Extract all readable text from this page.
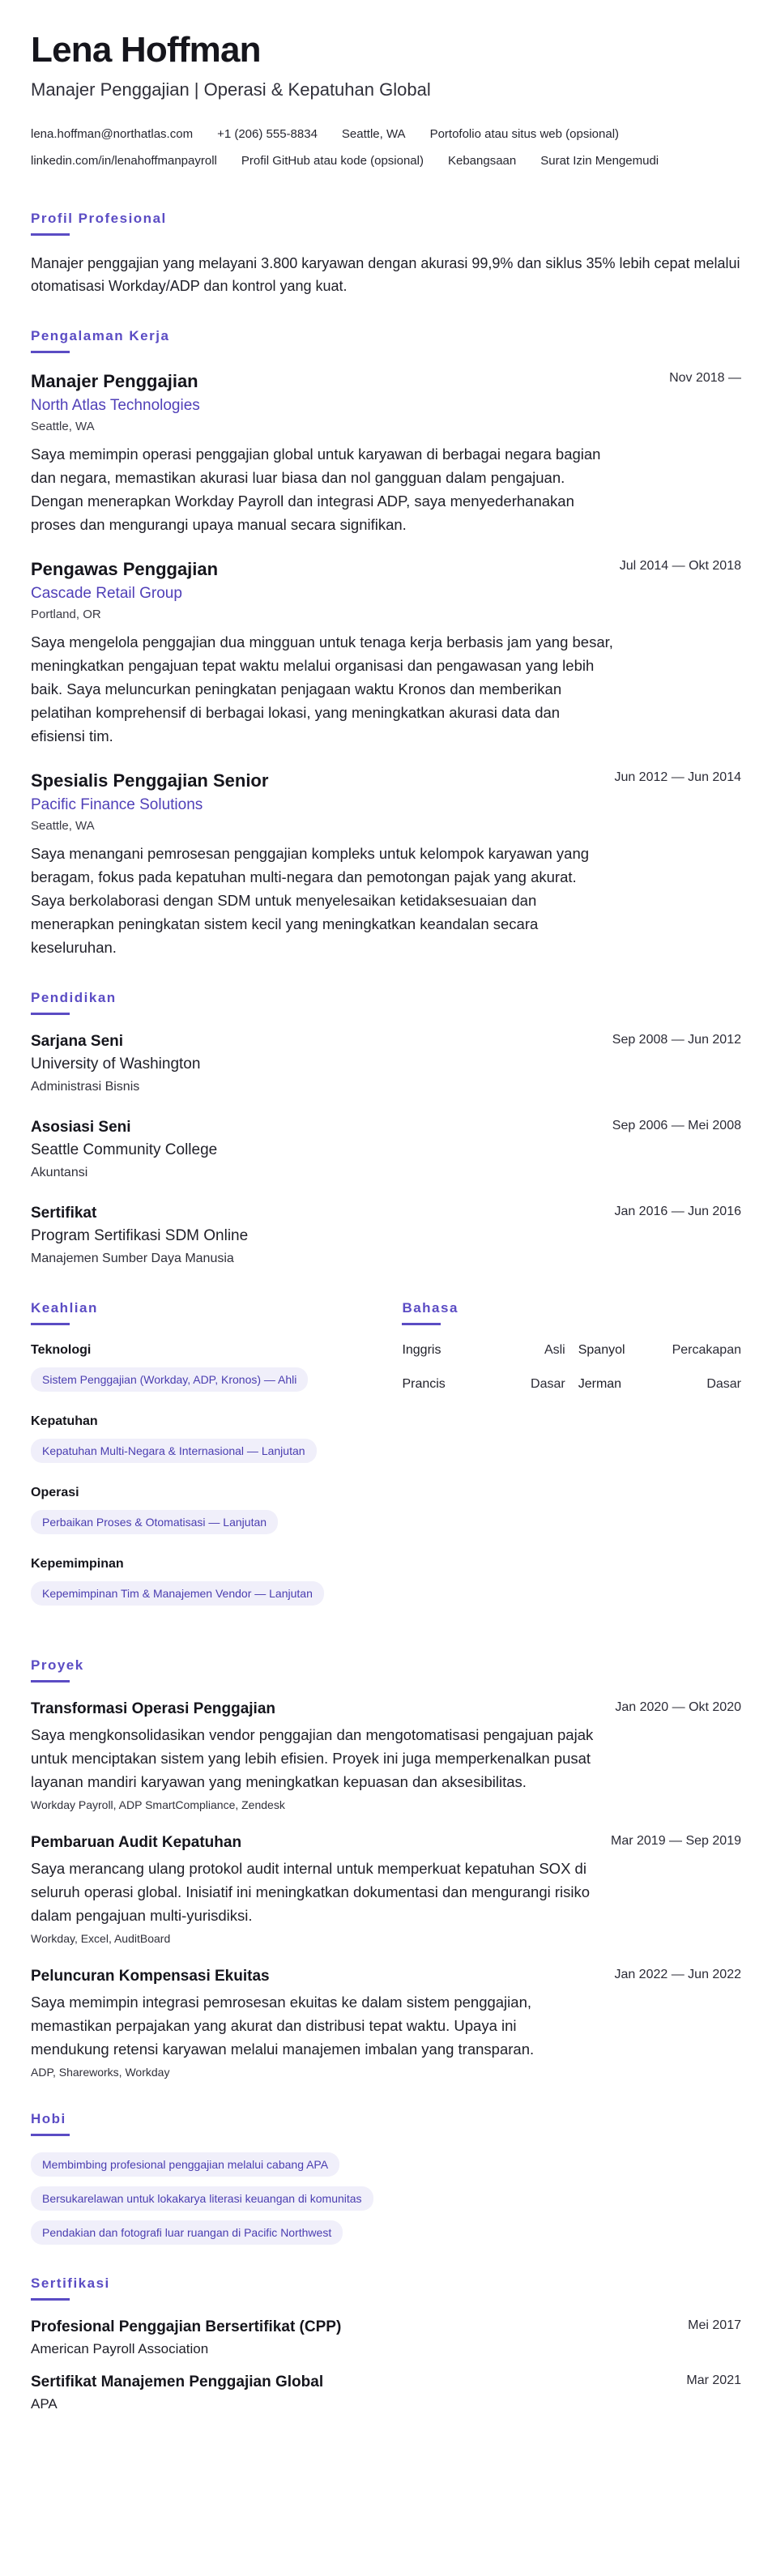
Lena Hoffman
Manajer Penggajian | Operasi & Kepatuhan Global
lena.hoffman@northatlas.com +1 (206) 555-8834 Seattle, WA Portofolio atau situs web (opsional)
linkedin.com/in/lenahoffmanpayroll Profil GitHub atau kode (opsional) Kebangsaan Surat Izin Mengemudi
Profil Profesional

Manajer penggajian yang melayani 3.800 karyawan dengan akurasi 99,9% dan siklus 35% lebih cepat melalui otomatisasi Workday/ADP dan kontrol yang kuat.

Pengalaman Kerja
Nov 2018 —
Manajer Penggajian
North Atlas Technologies
Seattle, WA

Saya memimpin operasi penggajian global untuk karyawan di berbagai negara bagian dan negara, memastikan akurasi luar biasa dan nol gangguan dalam pengajuan. Dengan menerapkan Workday Payroll dan integrasi ADP, saya menyederhanakan proses dan mengurangi upaya manual secara signifikan.

Jul 2014 — Okt 2018
Pengawas Penggajian
Cascade Retail Group
Portland, OR

Saya mengelola penggajian dua mingguan untuk tenaga kerja berbasis jam yang besar, meningkatkan pengajuan tepat waktu melalui organisasi dan pengawasan yang lebih baik. Saya meluncurkan peningkatan penjagaan waktu Kronos dan memberikan pelatihan komprehensif di berbagai lokasi, yang meningkatkan akurasi data dan efisiensi tim.

Jun 2012 — Jun 2014
Spesialis Penggajian Senior
Pacific Finance Solutions
Seattle, WA

Saya menangani pemrosesan penggajian kompleks untuk kelompok karyawan yang beragam, fokus pada kepatuhan multi-negara dan pemotongan pajak yang akurat. Saya berkolaborasi dengan SDM untuk menyelesaikan ketidaksesuaian dan menerapkan peningkatan sistem kecil yang meningkatkan keandalan secara keseluruhan.

Pendidikan
Sep 2008 — Jun 2012
Sarjana Seni
University of Washington
Administrasi Bisnis
Sep 2006 — Mei 2008
Asosiasi Seni
Seattle Community College
Akuntansi
Jan 2016 — Jun 2016
Sertifikat
Program Sertifikasi SDM Online
Manajemen Sumber Daya Manusia
Keahlian
Teknologi
Sistem Penggajian (Workday, ADP, Kronos) — Ahli
Kepatuhan
Kepatuhan Multi-Negara & Internasional — Lanjutan
Operasi
Perbaikan Proses & Otomatisasi — Lanjutan
Kepemimpinan
Kepemimpinan Tim & Manajemen Vendor — Lanjutan
Bahasa
Inggris	Asli Spanyol	Percakapan
Prancis	Dasar Jerman	Dasar
Proyek
Jan 2020 — Okt 2020
Transformasi Operasi Penggajian

Saya mengkonsolidasikan vendor penggajian dan mengotomatisasi pengajuan pajak untuk menciptakan sistem yang lebih efisien. Proyek ini juga memperkenalkan pusat layanan mandiri karyawan yang meningkatkan kepuasan dan aksesibilitas.

Workday Payroll, ADP SmartCompliance, Zendesk
Mar 2019 — Sep 2019
Pembaruan Audit Kepatuhan

Saya merancang ulang protokol audit internal untuk memperkuat kepatuhan SOX di seluruh operasi global. Inisiatif ini meningkatkan dokumentasi dan mengurangi risiko dalam pengajuan multi-yurisdiksi.

Workday, Excel, AuditBoard
Jan 2022 — Jun 2022
Peluncuran Kompensasi Ekuitas

Saya memimpin integrasi pemrosesan ekuitas ke dalam sistem penggajian, memastikan perpajakan yang akurat dan distribusi tepat waktu. Upaya ini mendukung retensi karyawan melalui manajemen imbalan yang transparan.

ADP, Shareworks, Workday
Hobi
Membimbing profesional penggajian melalui cabang APA
Bersukarelawan untuk lokakarya literasi keuangan di komunitas
Pendakian dan fotografi luar ruangan di Pacific Northwest
Sertifikasi
Mei 2017
Profesional Penggajian Bersertifikat (CPP)
American Payroll Association
Mar 2021
Sertifikat Manajemen Penggajian Global
APA
